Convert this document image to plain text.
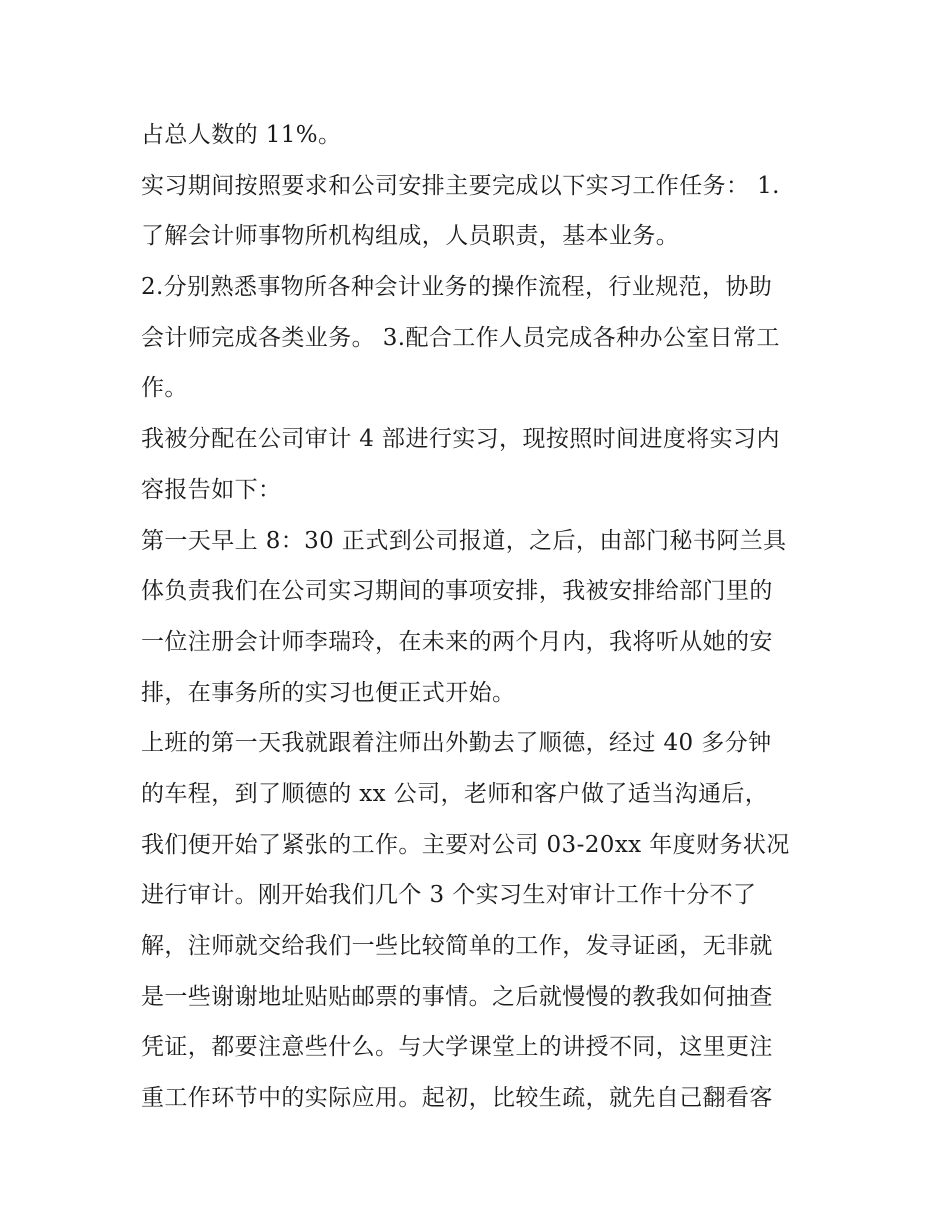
占总人数的 11%。
实习期间按照要求和公司安排主要完成以下实习工作任务： 1.
了解会计师事物所机构组成，人员职责，基本业务。
2.分别熟悉事物所各种会计业务的操作流程，行业规范，协助
会计师完成各类业务。 3.配合工作人员完成各种办公室日常工
作。
我被分配在公司审计 4 部进行实习，现按照时间进度将实习内
容报告如下：
第一天早上 8：30 正式到公司报道，之后，由部门秘书阿兰具
体负责我们在公司实习期间的事项安排，我被安排给部门里的
一位注册会计师李瑞玲，在未来的两个月内，我将听从她的安
排，在事务所的实习也便正式开始。
上班的第一天我就跟着注师出外勤去了顺德，经过 40 多分钟
的车程，到了顺德的 xx 公司，老师和客户做了适当沟通后，
我们便开始了紧张的工作。主要对公司 03-20xx 年度财务状况
进行审计。刚开始我们几个 3 个实习生对审计工作十分不了
解，注师就交给我们一些比较简单的工作，发寻证函，无非就
是一些谢谢地址贴贴邮票的事情。之后就慢慢的教我如何抽查
凭证，都要注意些什么。与大学课堂上的讲授不同，这里更注
重工作环节中的实际应用。起初，比较生疏，就先自己翻看客
